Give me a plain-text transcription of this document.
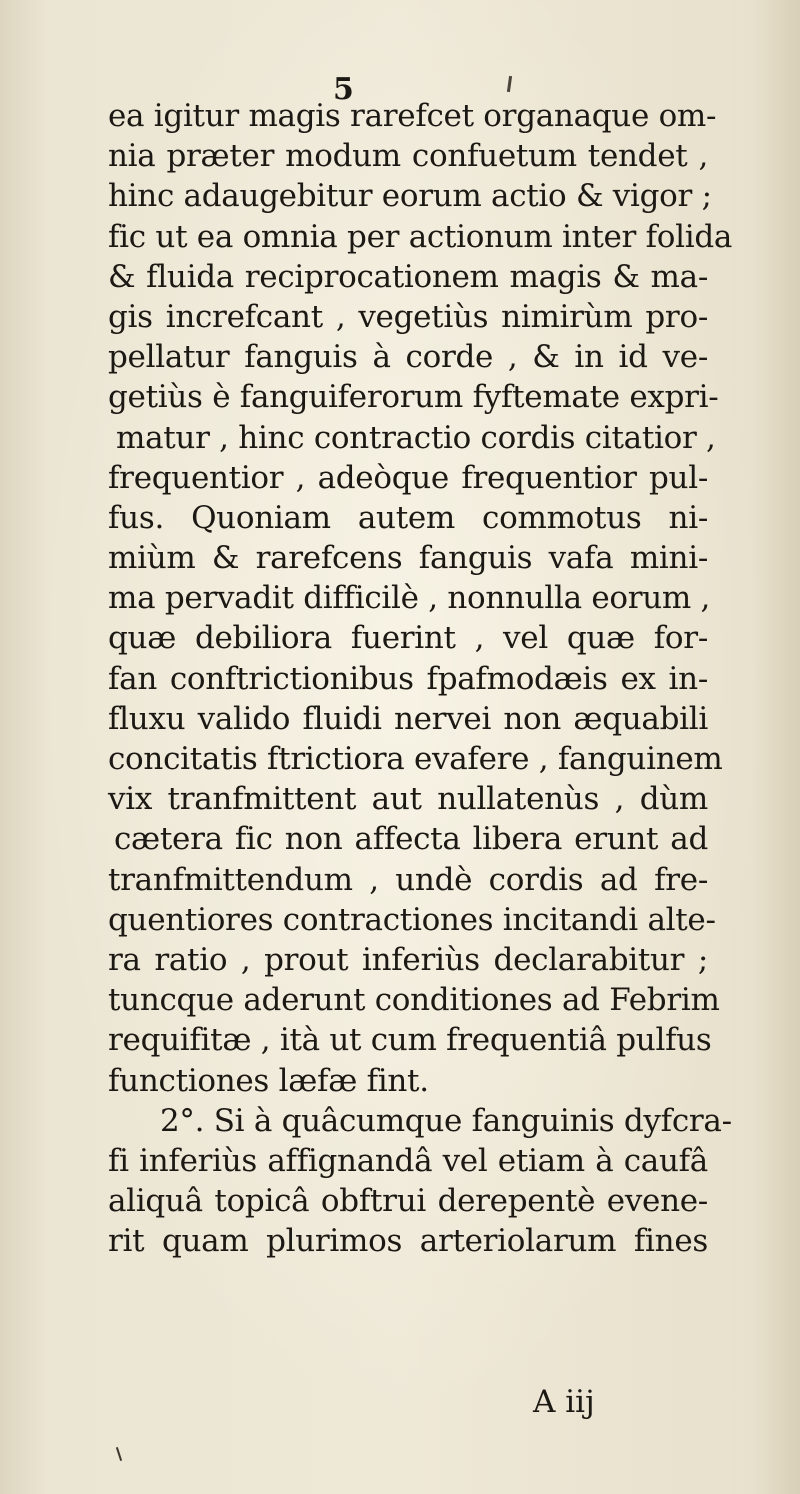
5
ea igitur magis rarefcet organaque om-
nia præter modum confuetum tendet ,
hinc adaugebitur eorum actio & vigor ;
fic ut ea omnia per actionum inter folida
& fluida reciprocationem magis & ma-
gis increfcant , vegetiùs nimirùm pro-
pellatur fanguis à corde , & in id ve-
getiùs è fanguiferorum fyftemate expri-
matur , hinc contractio cordis citatior ,
frequentior , adeòque frequentior pul-
fus. Quoniam autem commotus ni-
miùm & rarefcens fanguis vafa mini-
ma pervadit difficilè , nonnulla eorum ,
quæ debiliora fuerint , vel quæ for-
fan conftrictionibus fpafmodæis ex in-
fluxu valido fluidi nervei non æquabili
concitatis ftrictiora evafere , fanguinem
vix tranfmittent aut nullatenùs , dùm
cætera fic non affecta libera erunt ad
tranfmittendum , undè cordis ad fre-
quentiores contractiones incitandi alte-
ra ratio , prout inferiùs declarabitur ;
tuncque aderunt conditiones ad Febrim
requifitæ , ità ut cum frequentiâ pulfus
functiones læfæ fint.
2°. Si à quâcumque fanguinis dyfcra-
fi inferiùs affignandâ vel etiam à caufâ
aliquâ topicâ obftrui derepentè evene-
rit quam plurimos arteriolarum fines
A iij
